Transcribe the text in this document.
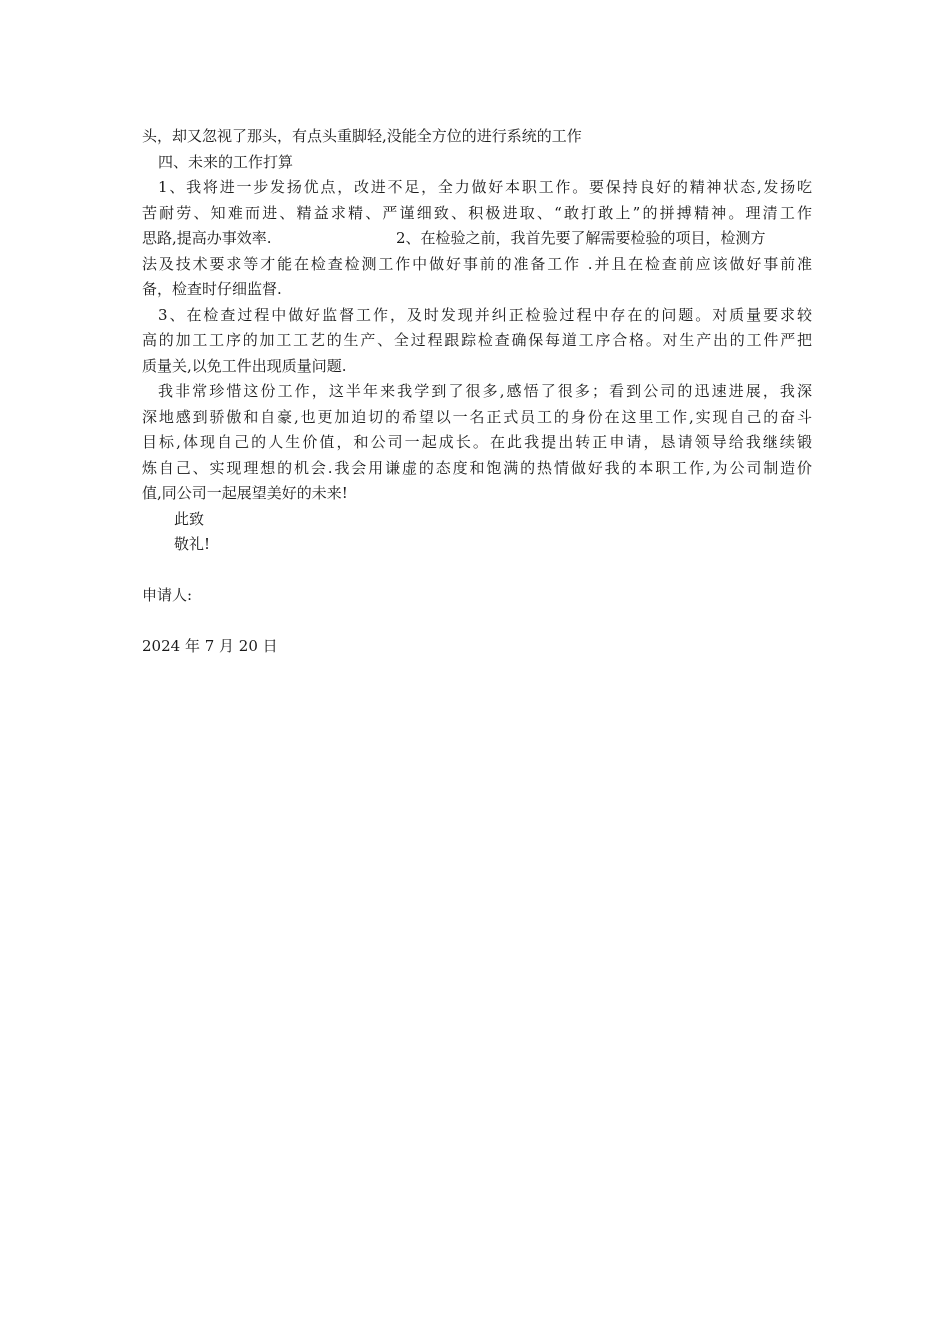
头，却又忽视了那头，有点头重脚轻,没能全方位的进行系统的工作
四、未来的工作打算
1、我将进一步发扬优点，改进不足，全力做好本职工作。要保持良好的精神状态,发扬吃
苦耐劳、知难而进、精益求精、严谨细致、积极进取、“敢打敢上”的拼搏精神。理清工作
思路,提高办事效率.	2、在检验之前，我首先要了解需要检验的项目，检测方
法及技术要求等才能在检查检测工作中做好事前的准备工作 .并且在检查前应该做好事前准
备，检查时仔细监督.
3、在检查过程中做好监督工作，及时发现并纠正检验过程中存在的问题。对质量要求较
高的加工工序的加工工艺的生产、全过程跟踪检查确保每道工序合格。对生产出的工件严把
质量关,以免工件出现质量问题.
我非常珍惜这份工作，这半年来我学到了很多,感悟了很多；看到公司的迅速进展，我深
深地感到骄傲和自豪,也更加迫切的希望以一名正式员工的身份在这里工作,实现自己的奋斗
目标,体现自己的人生价值，和公司一起成长。在此我提出转正申请，恳请领导给我继续锻
炼自己、实现理想的机会.我会用谦虚的态度和饱满的热情做好我的本职工作,为公司制造价
值,同公司一起展望美好的未来!
此致
敬礼!
申请人:
2024 年 7 月 20 日
